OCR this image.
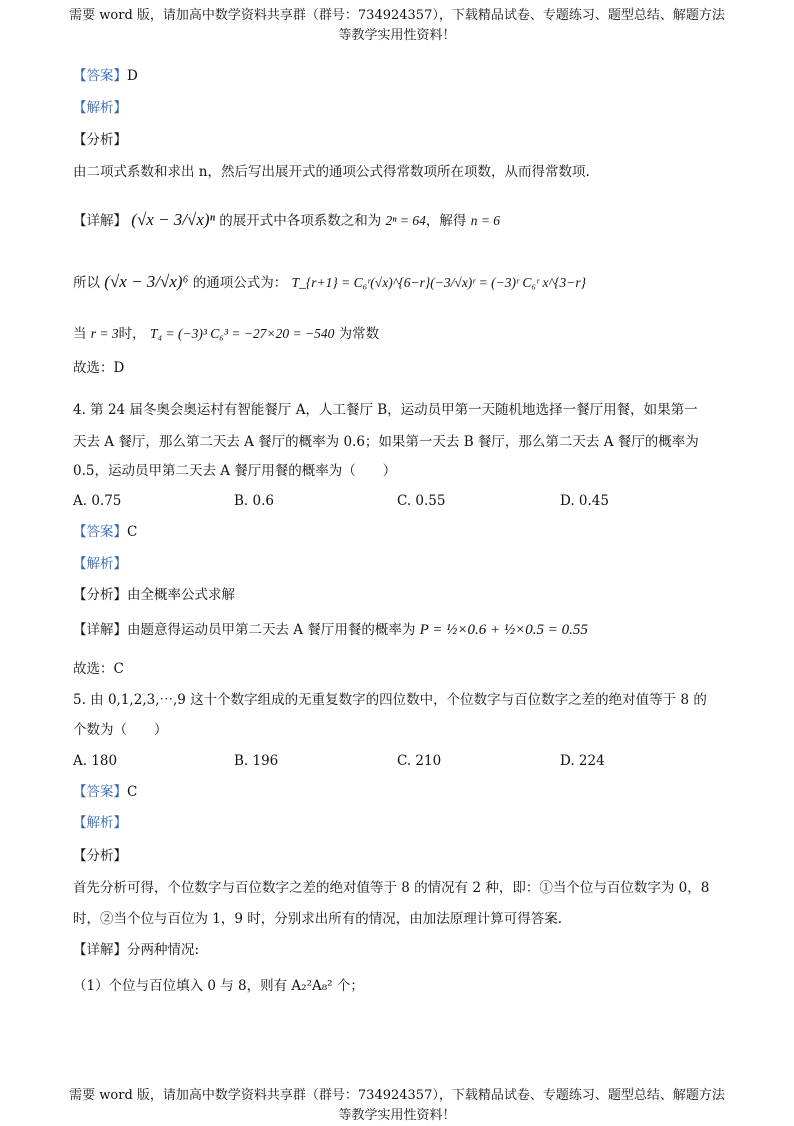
需要 word 版，请加高中数学资料共享群（群号：734924357），下载精品试卷、专题练习、题型总结、解题方法
等教学实用性资料！
【答案】D
【解析】
【分析】
由二项式系数和求出 n，然后写出展开式的通项公式得常数项所在项数，从而得常数项.
【详解】 (√x − 3/√x)ⁿ 的展开式中各项系数之和为 2ⁿ = 64，解得 n = 6
所以 (√x − 3/√x)⁶ 的通项公式为： T_{r+1} = C₆ʳ(√x)^{6−r}(−3/√x)ʳ = (−3)ʳ C₆ʳ x^{3−r}
当 r = 3时， T₄ = (−3)³ C₆³ = −27×20 = −540 为常数
故选：D
4. 第 24 届冬奥会奥运村有智能餐厅 A，人工餐厅 B，运动员甲第一天随机地选择一餐厅用餐，如果第一
天去 A 餐厅，那么第二天去 A 餐厅的概率为 0.6；如果第一天去 B 餐厅，那么第二天去 A 餐厅的概率为
0.5，运动员甲第二天去 A 餐厅用餐的概率为（　　）
A. 0.75	B. 0.6	C. 0.55	D. 0.45
【答案】C
【解析】
【分析】由全概率公式求解
【详解】由题意得运动员甲第二天去 A 餐厅用餐的概率为 P = ½×0.6 + ½×0.5 = 0.55
故选：C
5. 由 0,1,2,3,⋯,9 这十个数字组成的无重复数字的四位数中，个位数字与百位数字之差的绝对值等于 8 的
个数为（　　）
A. 180	B. 196	C. 210	D. 224
【答案】C
【解析】
【分析】
首先分析可得，个位数字与百位数字之差的绝对值等于 8 的情况有 2 种，即：①当个位与百位数字为 0，8
时，②当个位与百位为 1，9 时，分别求出所有的情况，由加法原理计算可得答案.
【详解】分两种情况:
（1）个位与百位填入 0 与 8，则有 A₂²A₈² 个；
需要 word 版，请加高中数学资料共享群（群号：734924357），下载精品试卷、专题练习、题型总结、解题方法
等教学实用性资料！
